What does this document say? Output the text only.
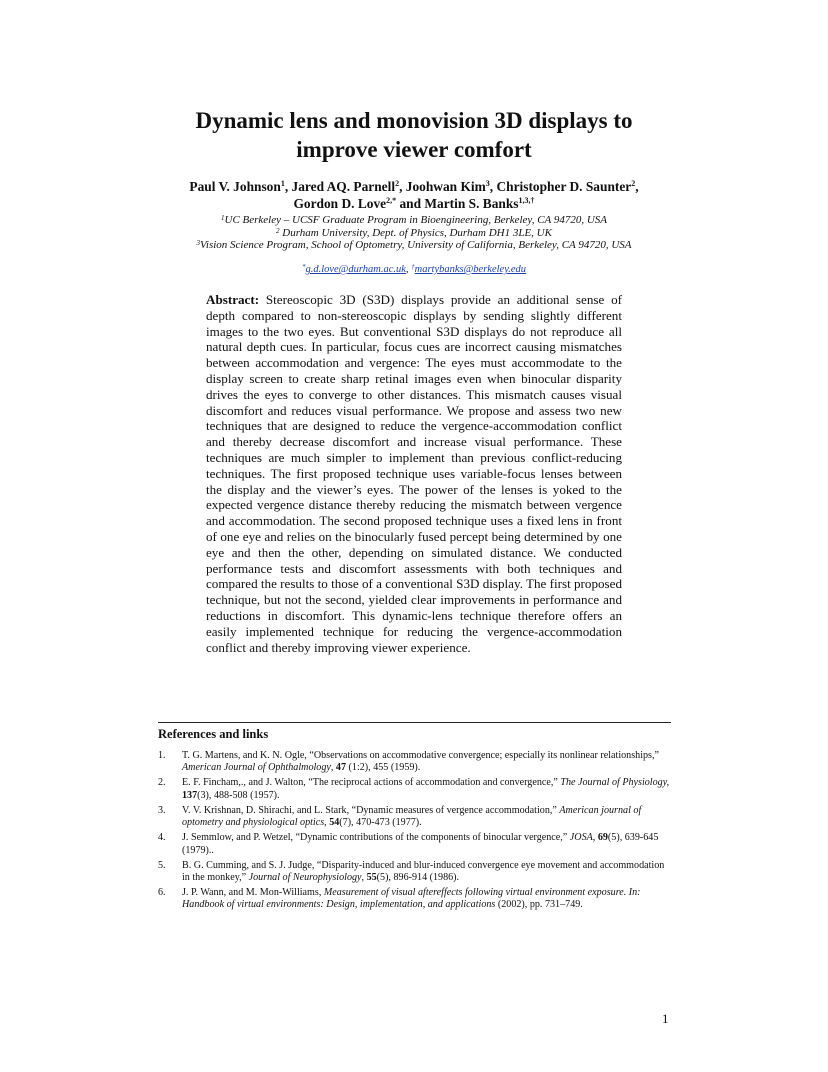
Dynamic lens and monovision 3D displays to
improve viewer comfort
Paul V. Johnson$^1$, Jared AQ. Parnell$^2$, Joohwan Kim$^3$, Christopher D. Saunter$^2$,
Gordon D. Love$^{2,*}$ and Martin S. Banks$^{1,3,\dagger}$
$^1$UC Berkeley – UCSF Graduate Program in Bioengineering, Berkeley, CA 94720, USA
$^2$ Durham University, Dept. of Physics, Durham DH1 3LE, UK
$^3$Vision Science Program, School of Optometry, University of California, Berkeley, CA 94720, USA
*g.d.love@durham.ac.uk, †martybanks@berkeley.edu
Abstract: Stereoscopic 3D (S3D) displays provide an additional sense of depth compared to non-stereoscopic displays by sending slightly different images to the two eyes. But conventional S3D displays do not reproduce all natural depth cues. In particular, focus cues are incorrect causing mismatches between accommodation and vergence: The eyes must accommodate to the display screen to create sharp retinal images even when binocular disparity drives the eyes to converge to other distances. This mismatch causes visual discomfort and reduces visual performance. We propose and assess two new techniques that are designed to reduce the vergence-accommodation conflict and thereby decrease discomfort and increase visual performance. These techniques are much simpler to implement than previous conflict-reducing techniques. The first proposed technique uses variable-focus lenses between the display and the viewer’s eyes. The power of the lenses is yoked to the expected vergence distance thereby reducing the mismatch between vergence and accommodation. The second proposed technique uses a fixed lens in front of one eye and relies on the binocularly fused percept being determined by one eye and then the other, depending on simulated distance. We conducted performance tests and discomfort assessments with both techniques and compared the results to those of a conventional S3D display. The first proposed technique, but not the second, yielded clear improvements in performance and reductions in discomfort. This dynamic-lens technique therefore offers an easily implemented technique for reducing the vergence-accommodation conflict and thereby improving viewer experience.
References and links
1. T. G. Martens, and K. N. Ogle, “Observations on accommodative convergence; especially its nonlinear relationships,” American Journal of Ophthalmology, 47 (1:2), 455 (1959).
2. E. F. Fincham,., and J. Walton, “The reciprocal actions of accommodation and convergence,” The Journal of Physiology, 137(3), 488-508 (1957).
3. V. V. Krishnan, D. Shirachi, and L. Stark, “Dynamic measures of vergence accommodation,” American journal of optometry and physiological optics, 54(7), 470-473 (1977).
4. J. Semmlow, and P. Wetzel, “Dynamic contributions of the components of binocular vergence,” JOSA, 69(5), 639-645 (1979)..
5. B. G. Cumming, and S. J. Judge, “Disparity-induced and blur-induced convergence eye movement and accommodation in the monkey,” Journal of Neurophysiology, 55(5), 896-914 (1986).
6. J. P. Wann, and M. Mon-Williams, Measurement of visual aftereffects following virtual environment exposure. In: Handbook of virtual environments: Design, implementation, and applications (2002), pp. 731–749.
1
